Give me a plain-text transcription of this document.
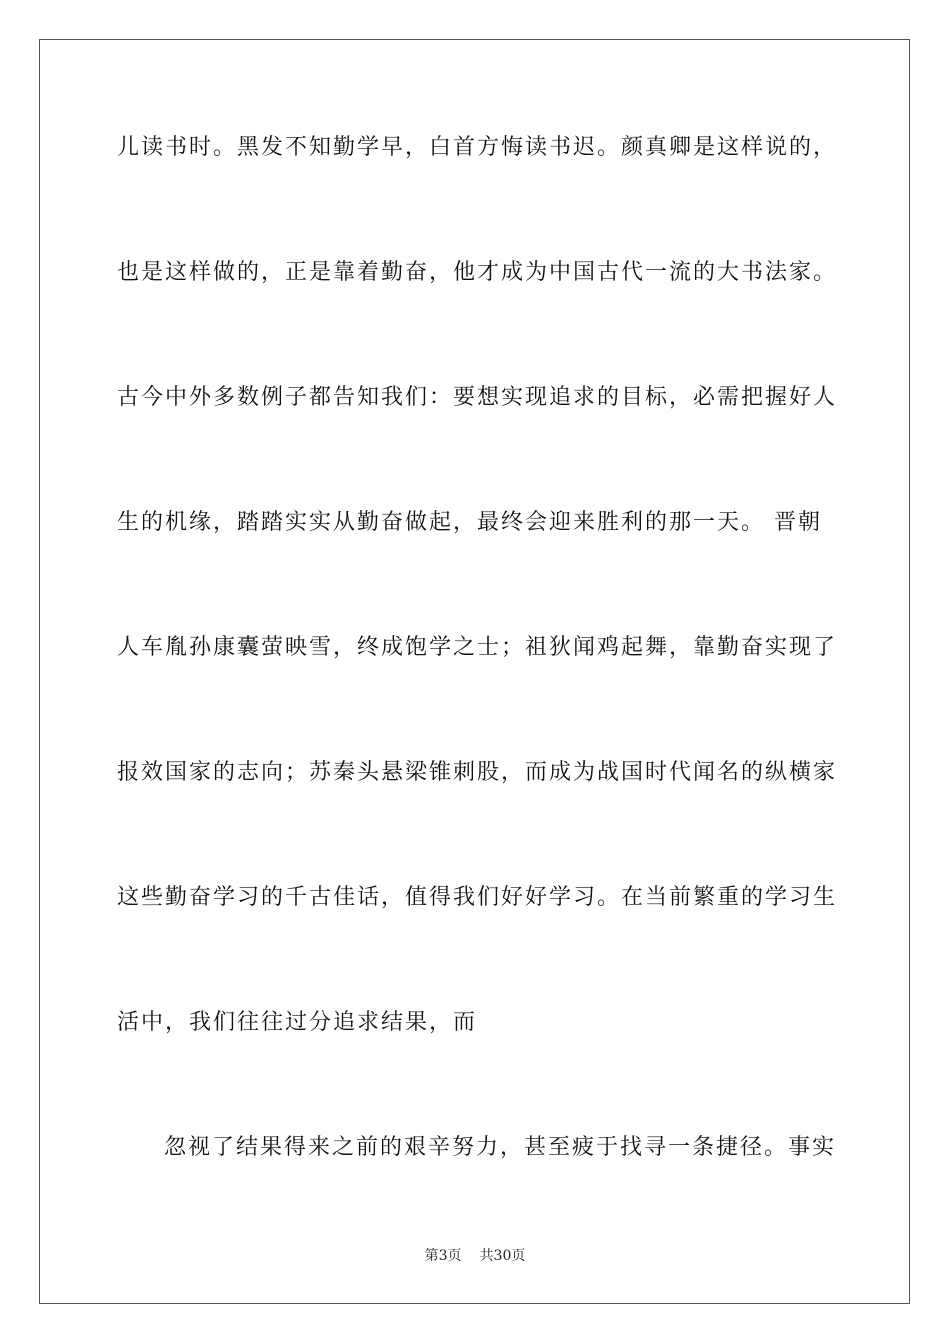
儿读书时。黑发不知勤学早，白首方悔读书迟。颜真卿是这样说的，
也是这样做的，正是靠着勤奋，他才成为中国古代一流的大书法家。
古今中外多数例子都告知我们：要想实现追求的目标，必需把握好人
生的机缘，踏踏实实从勤奋做起，最终会迎来胜利的那一天。 晋朝
人车胤孙康囊萤映雪，终成饱学之士；祖狄闻鸡起舞，靠勤奋实现了
报效国家的志向；苏秦头悬梁锥刺股，而成为战国时代闻名的纵横家
这些勤奋学习的千古佳话，值得我们好好学习。在当前繁重的学习生
活中，我们往往过分追求结果，而
忽视了结果得来之前的艰辛努力，甚至疲于找寻一条捷径。事实
第3页 共30页
